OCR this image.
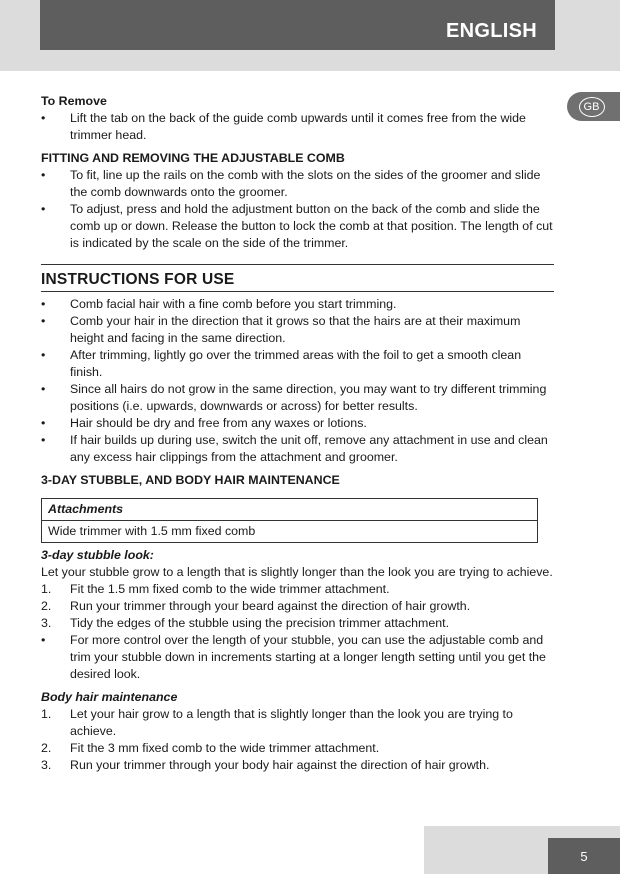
ENGLISH
GB

To Remove

•	Lift the tab on the back of the guide comb upwards until it comes free from the wide trimmer head.

FITTING AND REMOVING THE ADJUSTABLE COMB

•	To fit, line up the rails on the comb with the slots on the sides of the groomer and slide the comb downwards onto the groomer.
•	To adjust, press and hold the adjustment button on the back of the comb and slide the comb up or down. Release the button to lock the comb at that position. The length of cut is indicated by the scale on the side of the trimmer.
INSTRUCTIONS FOR USE
•	Comb facial hair with a fine comb before you start trimming.
•	Comb your hair in the direction that it grows so that the hairs are at their maximum height and facing in the same direction.
•	After trimming, lightly go over the trimmed areas with the foil to get a smooth clean finish.
•	Since all hairs do not grow in the same direction, you may want to try different trimming positions (i.e. upwards, downwards or across) for better results.
•	Hair should be dry and free from any waxes or lotions.
•	If hair builds up during use, switch the unit off, remove any attachment in use and clean any excess hair clippings from the attachment and groomer.

3-DAY STUBBLE, AND BODY HAIR MAINTENANCE

Attachments
Wide trimmer with 1.5 mm fixed comb

3-day stubble look:

Let your stubble grow to a length that is slightly longer than the look you are trying to achieve.

1.	Fit the 1.5 mm fixed comb to the wide trimmer attachment.
2.	Run your trimmer through your beard against the direction of hair growth.
3.	Tidy the edges of the stubble using the precision trimmer attachment.
•	For more control over the length of your stubble, you can use the adjustable comb and trim your stubble down in increments starting at a longer length setting until you get the desired look.

Body hair maintenance

1.	Let your hair grow to a length that is slightly longer than the look you are trying to achieve.
2.	Fit the 3 mm fixed comb to the wide trimmer attachment.
3.	Run your trimmer through your body hair against the direction of hair growth.
5
